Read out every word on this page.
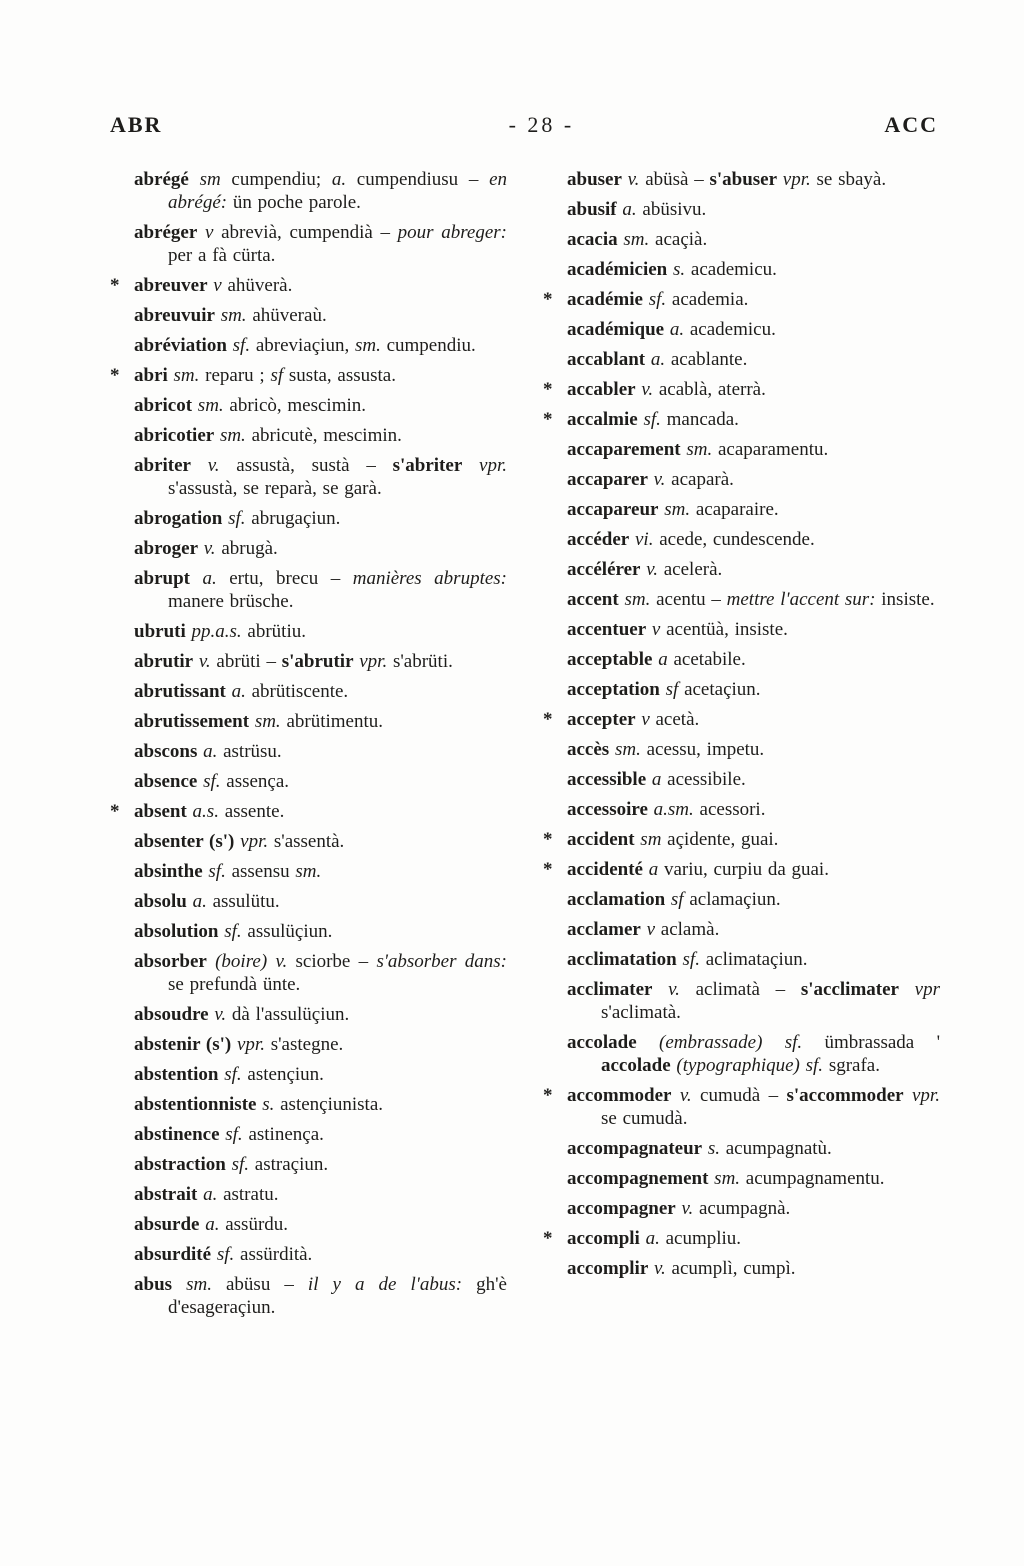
ABR	- 28 -	ACC
abrégé sm cumpendiu; a. cumpendiusu – en abrégé: ün poche parole.
abréger v abrevià, cumpendià – pour abreger: per a fà cürta.
* abreuver v ahüverà.
abreuvuir sm. ahüveraù.
abréviation sf. abreviaçiun, sm. cumpendiu.
* abri sm. reparu ; sf susta, assusta.
abricot sm. abricò, mescimin.
abricotier sm. abricutè, mescimin.
abriter v. assustà, sustà – s'abriter vpr. s'assustà, se reparà, se garà.
abrogation sf. abrugaçiun.
abroger v. abrugà.
abrupt a. ertu, brecu – manières abruptes: manere brüsche.
ubruti pp.a.s. abrütiu.
abrutir v. abrüti – s'abrutir vpr. s'abrüti.
abrutissant a. abrütiscente.
abrutissement sm. abrütimentu.
abscons a. astrüsu.
absence sf. assença.
* absent a.s. assente.
absenter (s') vpr. s'assentà.
absinthe sf. assensu sm.
absolu a. assulütu.
absolution sf. assulüçiun.
absorber (boire) v. sciorbe – s'absorber dans: se prefundà ünte.
absoudre v. dà l'assulüçiun.
abstenir (s') vpr. s'astegne.
abstention sf. astençiun.
abstentionniste s. astençiunista.
abstinence sf. astinença.
abstraction sf. astraçiun.
abstrait a. astratu.
absurde a. assürdu.
absurdité sf. assürdità.
abus sm. abüsu – il y a de l'abus: gh'è d'esageraçiun.
abuser v. abüsà – s'abuser vpr. se sbayà.
abusif a. abüsivu.
acacia sm. acaçià.
académicien s. academicu.
* académie sf. academia.
académique a. academicu.
accablant a. acablante.
* accabler v. acablà, aterrà.
* accalmie sf. mancada.
accaparement sm. acaparamentu.
accaparer v. acaparà.
accapareur sm. acaparaire.
accéder vi. acede, cundescende.
accélérer v. acelerà.
accent sm. acentu – mettre l'accent sur: insiste.
accentuer v acentüà, insiste.
acceptable a acetabile.
acceptation sf acetaçiun.
* accepter v acetà.
accès sm. acessu, impetu.
accessible a acessibile.
accessoire a.sm. acessori.
* accident sm açidente, guai.
* accidenté a variu, curpiu da guai.
acclamation sf aclamaçiun.
acclamer v aclamà.
acclimatation sf. aclimataçiun.
acclimater v. aclimatà – s'acclimater vpr s'aclimatà.
accolade (embrassade) sf. ümbrassada ' accolade (typographique) sf. sgrafa.
* accommoder v. cumudà – s'accommoder vpr. se cumudà.
accompagnateur s. acumpagnatù.
accompagnement sm. acumpagnamentu.
accompagner v. acumpagnà.
* accompli a. acumpliu.
accomplir v. acumplì, cumpì.
